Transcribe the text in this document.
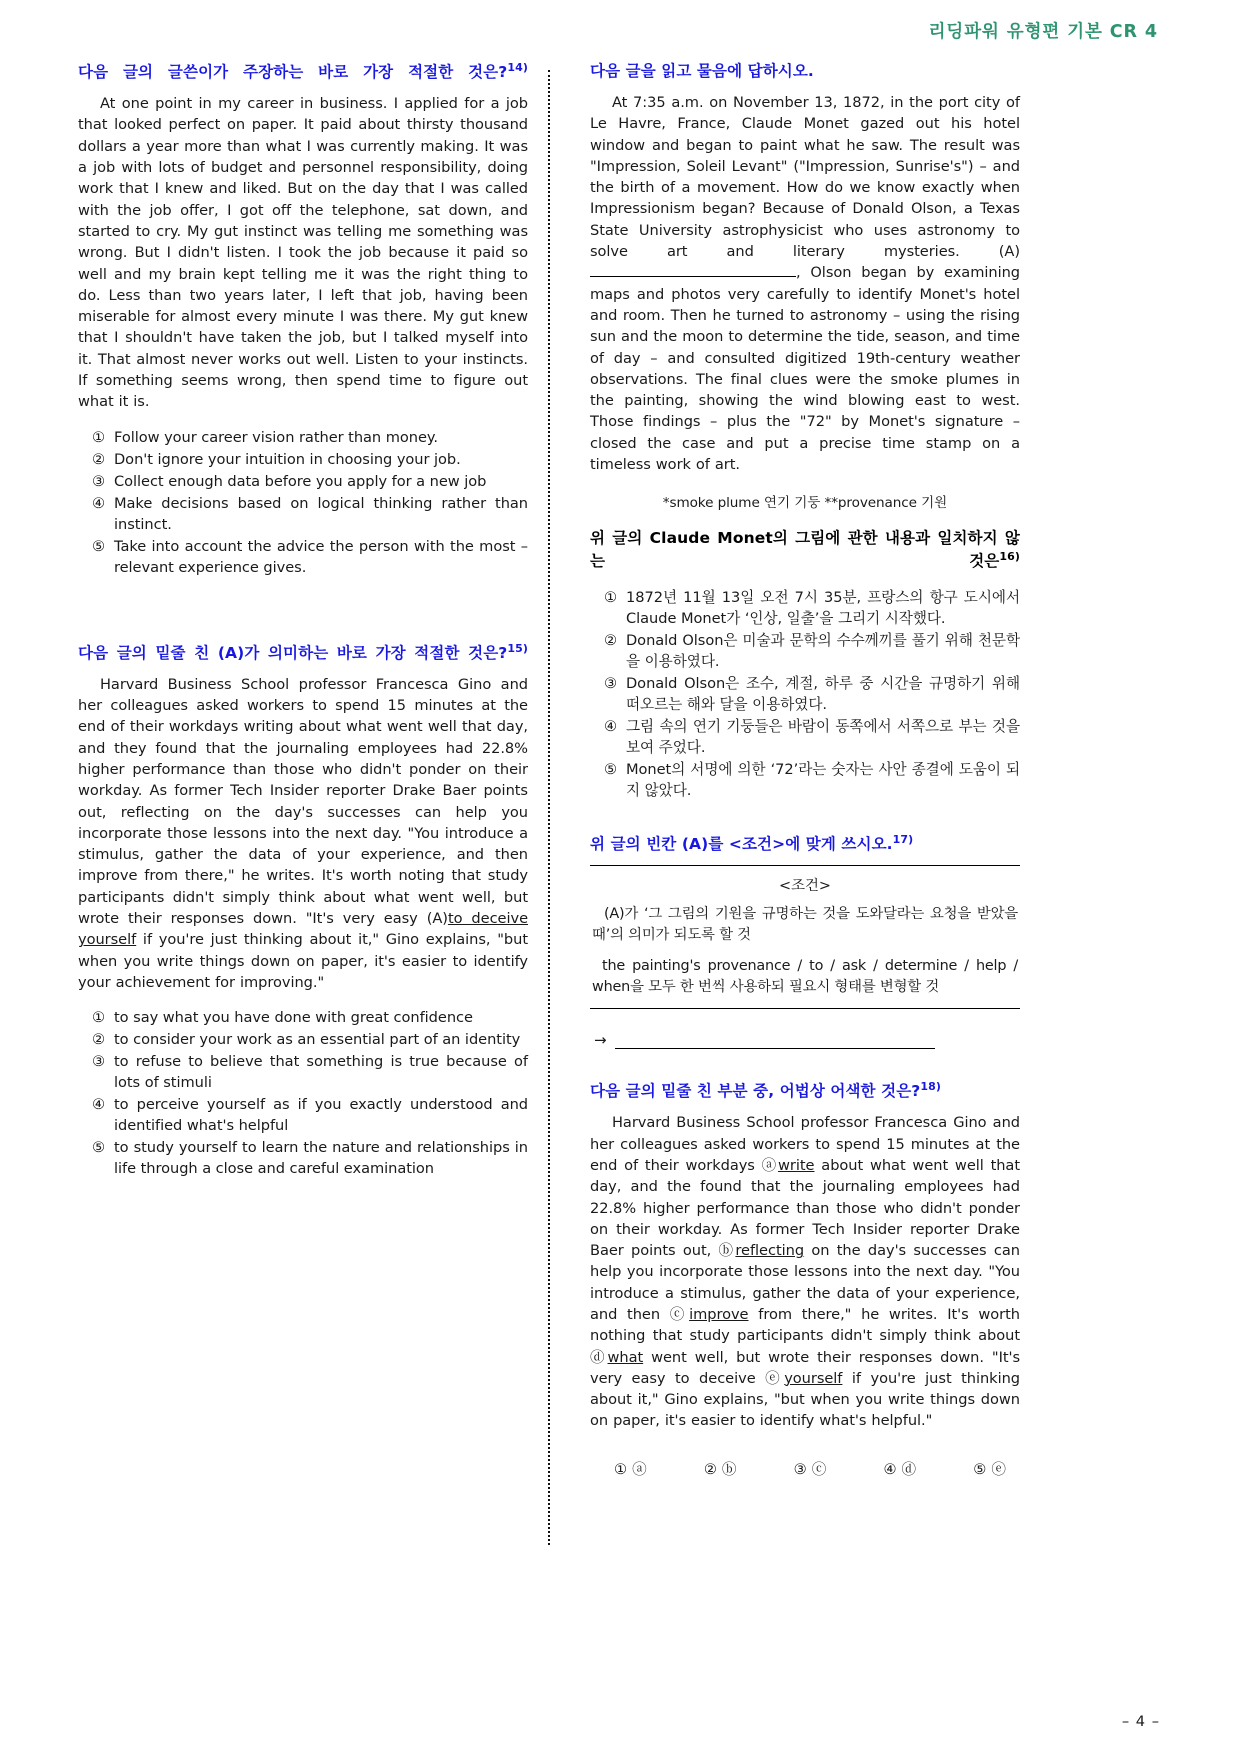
리딩파워 유형편 기본 CR 4
다음 글의 글쓴이가 주장하는 바로 가장 적절한 것은?$^{14)}$
At one point in my career in business. I applied for a job that looked perfect on paper. It paid about thirsty thousand dollars a year more than what I was currently making. It was a job with lots of budget and personnel responsibility, doing work that I knew and liked. But on the day that I was called with the job offer, I got off the telephone, sat down, and started to cry. My gut instinct was telling me something was wrong. But I didn't listen. I took the job because it paid so well and my brain kept telling me it was the right thing to do. Less than two years later, I left that job, having been miserable for almost every minute I was there. My gut knew that I shouldn't have taken the job, but I talked myself into it. That almost never works out well. Listen to your instincts. If something seems wrong, then spend time to figure out what it is.
① Follow your career vision rather than money.
② Don't ignore your intuition in choosing your job.
③ Collect enough data before you apply for a new job
④ Make decisions based on logical thinking rather than instinct.
⑤ Take into account the advice the person with the most – relevant experience gives.
다음 글의 밑줄 친 (A)가 의미하는 바로 가장 적절한 것은?$^{15)}$
Harvard Business School professor Francesca Gino and her colleagues asked workers to spend 15 minutes at the end of their workdays writing about what went well that day, and they found that the journaling employees had 22.8% higher performance than those who didn't ponder on their workday. As former Tech Insider reporter Drake Baer points out, reflecting on the day's successes can help you incorporate those lessons into the next day. "You introduce a stimulus, gather the data of your experience, and then improve from there," he writes. It's worth noting that study participants didn't simply think about what went well, but wrote their responses down. "It's very easy (A)to deceive yourself if you're just thinking about it," Gino explains, "but when you write things down on paper, it's easier to identify your achievement for improving."
① to say what you have done with great confidence
② to consider your work as an essential part of an identity
③ to refuse to believe that something is true because of lots of stimuli
④ to perceive yourself as if you exactly understood and identified what's helpful
⑤ to study yourself to learn the nature and relationships in life through a close and careful examination
다음 글을 읽고 물음에 답하시오.
At 7:35 a.m. on November 13, 1872, in the port city of Le Havre, France, Claude Monet gazed out his hotel window and began to paint what he saw. The result was "Impression, Soleil Levant" ("Impression, Sunrise's") – and the birth of a movement. How do we know exactly when Impressionism began? Because of Donald Olson, a Texas State University astrophysicist who uses astronomy to solve art and literary mysteries. (A), Olson began by examining maps and photos very carefully to identify Monet's hotel and room. Then he turned to astronomy – using the rising sun and the moon to determine the tide, season, and time of day – and consulted digitized 19th-century weather observations. The final clues were the smoke plumes in the painting, showing the wind blowing east to west. Those findings – plus the "72" by Monet's signature – closed the case and put a precise time stamp on a timeless work of art.
*smoke plume 연기 기둥 **provenance 기원
위 글의 Claude Monet의 그림에 관한 내용과 일치하지 않는 것은$^{16)}$
① 1872년 11월 13일 오전 7시 35분, 프랑스의 항구 도시에서 Claude Monet가 ‘인상, 일출’을 그리기 시작했다.
② Donald Olson은 미술과 문학의 수수께끼를 풀기 위해 천문학을 이용하였다.
③ Donald Olson은 조수, 계절, 하루 중 시간을 규명하기 위해 떠오르는 해와 달을 이용하였다.
④ 그림 속의 연기 기둥들은 바람이 동쪽에서 서쪽으로 부는 것을 보여 주었다.
⑤ Monet의 서명에 의한 ‘72’라는 숫자는 사안 종결에 도움이 되지 않았다.
위 글의 빈칸 (A)를 <조건>에 맞게 쓰시오.$^{17)}$
<조건>
(A)가 ‘그 그림의 기원을 규명하는 것을 도와달라는 요청을 받았을 때’의 의미가 되도록 할 것
the painting's provenance / to / ask / determine / help / when을 모두 한 번씩 사용하되 필요시 형태를 변형할 것
→
다음 글의 밑줄 친 부분 중, 어법상 어색한 것은?$^{18)}$
Harvard Business School professor Francesca Gino and her colleagues asked workers to spend 15 minutes at the end of their workdays ⓐwrite about what went well that day, and the found that the journaling employees had 22.8% higher performance than those who didn't ponder on their workday. As former Tech Insider reporter Drake Baer points out, ⓑreflecting on the day's successes can help you incorporate those lessons into the next day. "You introduce a stimulus, gather the data of your experience, and then ⓒimprove from there," he writes. It's worth nothing that study participants didn't simply think about ⓓwhat went well, but wrote their responses down. "It's very easy to deceive ⓔyourself if you're just thinking about it," Gino explains, "but when you write things down on paper, it's easier to identify what's helpful."
① ⓐ	② ⓑ	③ ⓒ	④ ⓓ	⑤ ⓔ
– 4 –
